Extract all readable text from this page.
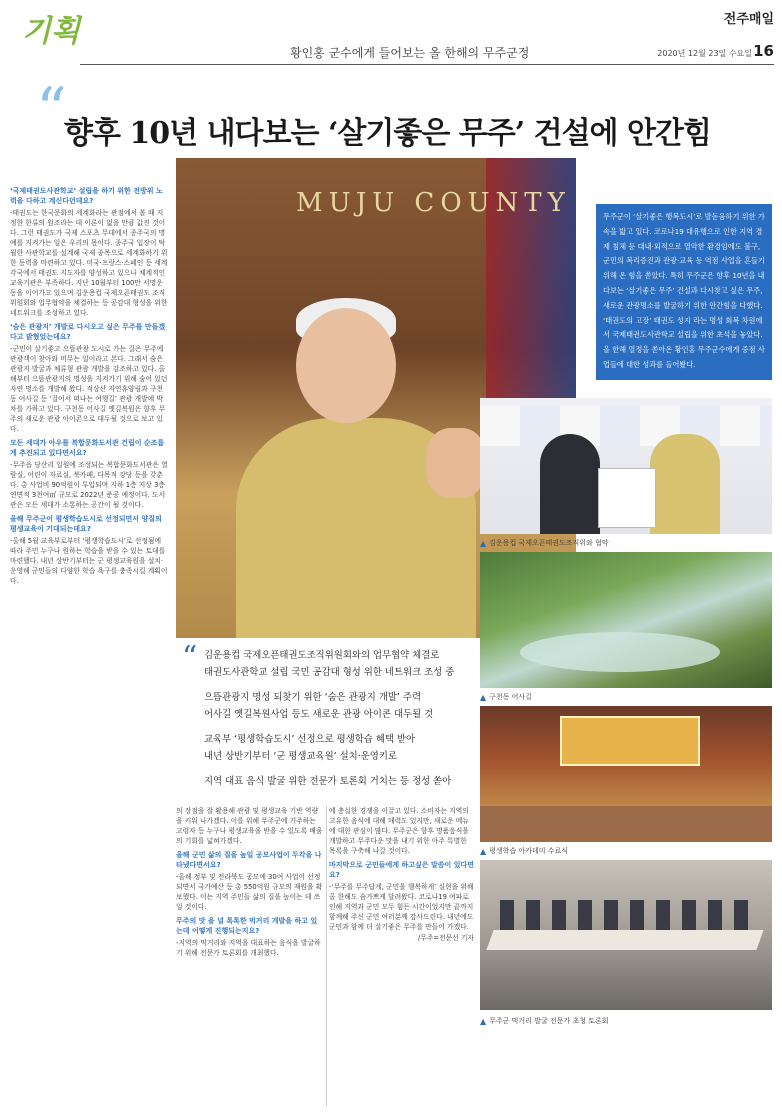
기획
황인홍 군수에게 들어보는 올 한해의 무주군정
전주매일
2020년 12월 23일 수요일 16
“
향후 10년 내다보는 ‘살기좋은 무주’ 건설에 안간힘
MUJU COUNTY	무주군이 ‘살기좋은 행복도시’로 발돋움하기 위한 가속을 밟고 있다. 코로나19 대유행으로 인한 지역 경제 침체 등 대내·외적으로 열악한 환경임에도 불구, 군민의 복리증진과 관광·교육 등 역점 사업을 흔들기위해 온 힘을 쏟았다. 특히 무주군은 향후 10년을 내다보는 ‘살기좋은 무주’ 건설과 다시찾고 싶은 무주, 새로운 관광명소를 발굴하기 위한 안간힘을 다했다. ‘태권도의 고장’ 태권도 성지 라는 명성 회복 차원에서 국제태권도사관학교 설립을 위한 초석을 놓았다. 올 한해 열정을 쏟아온 황인홍 무주군수에게 중점 사업들에 대한 성과를 들어봤다.

▲ 김운용컵 국제오픈태권도조직위와 협약
▲ 구천동 어사길
▲ 평생학습 아카데미 수료식
▲ 무주군 먹거리 발굴 전문가 초청 토론회
“ 김운용컵 국제오픈태권도조직위원회와의 업무협약 체결로
태권도사관학교 설립 국민 공감대 형성 위한 네트워크 조성 중
으뜸관광지 명성 되찾기 위한 ‘숨은 관광지 개발’ 주력
어사길 옛길복원사업 등도 새로운 관광 아이콘 대두될 것
교육부 ‘평생학습도시’ 선정으로 평생학습 혜택 받아
내년 상반기부터 ‘군 평생교육원’ 설치·운영키로
지역 대표 음식 발굴 위한 전문가 토론회 거치는 등 정성 쏟아
‘국제태권도사관학교’ 설립을 하기 위한 전방위 노력을 다하고 계신다던데요?

-태권도는 한국문화의 세계화라는 관점에서 볼 때 지정한 한류의 원조라는 데 이론이 없을 만큼 값진 것이다. 그런 태권도가 국제 스포츠 무대에서 종주국의 명예를 지켜가는 일은 우리의 몫이다. 종주국 입장이 탁월한 사관학교를 설계해 국제 종목으로 세계화하기 위한 동력을 마련하고 있다. 미국·프랑스·스페인 등 세계 각국에서 태권도 지도자를 양성하고 있으나 체계적인 교육기관은 부족하다. 지난 10월부터 100만 서명운동을 이어가고 있으며 김운용컵 국제오픈태권도 조직위원회와 업무협약을 체결하는 등 공감대 형성을 위한 네트워크를 조성하고 있다.

‘숨은 관광지’ 개발로 다시오고 싶은 무주를 만들겠다고 밝혔었는데요?

-군민이 살기좋고 으뜸관광 도시로 가는 길은 무주에 관광객이 찾아와 머무는 일이라고 본다. 그래서 숨은 관광지 발굴과 체류형 관광 개발을 강조하고 있다. 올해부터 으뜸관광지의 명성을 지켜가기 위해 숨어 있던 자연 명소를 개발해 왔다. 적상산 자연휴양림과 구천동 어사길 등 ‘걸어서 떠나는 여행길’ 관광 개발에 박차를 가하고 있다. 구천동 어사길 옛길복원은 향후 무주의 새로운 관광 아이콘으로 대두될 것으로 보고 있다.

모든 세대가 아우를 복합문화도서관 건립이 순조롭게 추진되고 있다면서요?

-무주읍 당산리 일원에 조성되는 복합문화도서관은 열람실, 어린이 자료실, 북카페, 다목적 강당 등을 갖춘다. 총 사업비 90억원이 투입되며 지하 1층 지상 3층 연면적 3천여㎡ 규모로 2022년 준공 예정이다. 도서관은 모든 세대가 소통하는 공간이 될 것이다.

올해 무주군이 평생학습도시로 선정되면서 양질의 평생교육이 기대되는데요?

-올해 5월 교육부로부터 ‘평생학습도시’로 선정됨에 따라 주민 누구나 원하는 학습을 받을 수 있는 토대를 마련했다. 내년 상반기부터는 군 평생교육원을 설치·운영해 군민들의 다양한 학습 욕구를 충족시킬 계획이다.

의 장점을 잘 활용해 관광 및 평생교육 기반 역량을 키워 나가겠다. 이를 위해 무주군에 거주하는 고령자 등 누구나 평생교육을 받을 수 있도록 배움의 기회를 넓혀가겠다.

올해 군민 삶의 질을 높일 공모사업이 두각을 나타냈다면서요?

-올해 정부 및 전라북도 공모에 30여 사업이 선정되면서 국가예산 등 총 550억원 규모의 재원을 확보했다. 이는 지역 주민들 삶의 질을 높이는 데 쓰일 것이다.

무주의 맛 을 널 톡톡한 먹거리 개발을 하고 있는데 어떻게 진행되는지요?

-지역의 먹거리와 지역을 대표하는 음식을 발굴하기 위해 전문가 토론회를 개최했다.

에 충실한 경쟁을 이끌고 있다. 소비자는 지역의 고유한 음식에 대해 매력도 있지만, 새로운 메뉴에 대한 관심이 많다. 무주군은 향후 명품음식을 개발하고 무주다운 맛을 내기 위한 아주 특별한 목록을 구축해 나갈 것이다.

마지막으로 군민들에게 하고싶은 말씀이 있다면요?

-‘무주를 무주답게, 군민을 행복하게’ 실현을 위해 올 한해도 숨가쁘게 달려왔다. 코로나19 여파로 인해 지역과 군민 모두 힘든 시간이었지만 끝까지 함께해 주신 군민 여러분께 감사드린다. 내년에도 군민과 함께 더 살기좋은 무주를 만들어 가겠다.

/무주=전문선 기자
